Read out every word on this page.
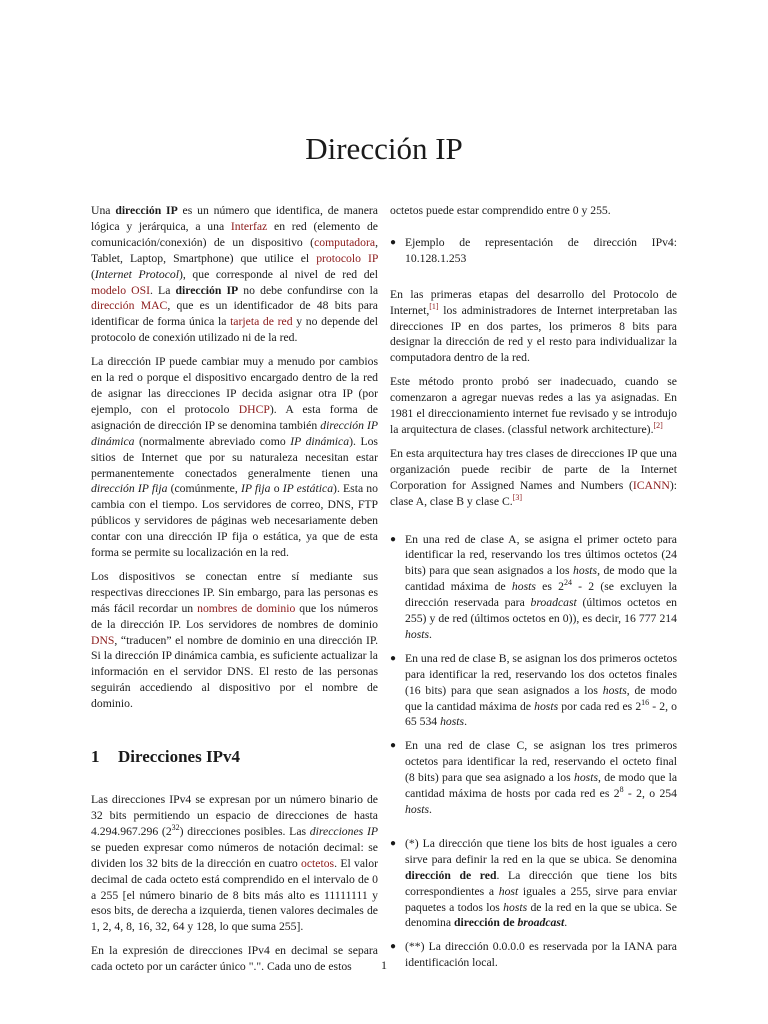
Dirección IP

Una dirección IP es un número que identifica, de manera lógica y jerárquica, a una Interfaz en red (elemento de comunicación/conexión) de un dispositivo (computadora, Tablet, Laptop, Smartphone) que utilice el protocolo IP (Internet Protocol), que corresponde al nivel de red del modelo OSI. La dirección IP no debe confundirse con la dirección MAC, que es un identificador de 48 bits para identificar de forma única la tarjeta de red y no depende del protocolo de conexión utilizado ni de la red.

La dirección IP puede cambiar muy a menudo por cambios en la red o porque el dispositivo encargado dentro de la red de asignar las direcciones IP decida asignar otra IP (por ejemplo, con el protocolo DHCP). A esta forma de asignación de dirección IP se denomina también dirección IP dinámica (normalmente abreviado como IP dinámica). Los sitios de Internet que por su naturaleza necesitan estar permanentemente conectados generalmente tienen una dirección IP fija (comúnmente, IP fija o IP estática). Esta no cambia con el tiempo. Los servidores de correo, DNS, FTP públicos y servidores de páginas web necesariamente deben contar con una dirección IP fija o estática, ya que de esta forma se permite su localización en la red.

Los dispositivos se conectan entre sí mediante sus respectivas direcciones IP. Sin embargo, para las personas es más fácil recordar un nombres de dominio que los números de la dirección IP. Los servidores de nombres de dominio DNS, “traducen” el nombre de dominio en una dirección IP. Si la dirección IP dinámica cambia, es suficiente actualizar la información en el servidor DNS. El resto de las personas seguirán accediendo al dispositivo por el nombre de dominio.

1 Direcciones IPv4

Las direcciones IPv4 se expresan por un número binario de 32 bits permitiendo un espacio de direcciones de hasta 4.294.967.296 $(2^{32})$ direcciones posibles. Las direcciones IP se pueden expresar como números de notación decimal: se dividen los 32 bits de la dirección en cuatro octetos. El valor decimal de cada octeto está comprendido en el intervalo de 0 a 255 [el número binario de 8 bits más alto es 11111111 y esos bits, de derecha a izquierda, tienen valores decimales de 1, 2, 4, 8, 16, 32, 64 y 128, lo que suma 255].

En la expresión de direcciones IPv4 en decimal se separa cada octeto por un carácter único ".". Cada uno de estos

octetos puede estar comprendido entre 0 y 255.

● Ejemplo de representación de dirección IPv4: 10.128.1.253

En las primeras etapas del desarrollo del Protocolo de Internet,[1] los administradores de Internet interpretaban las direcciones IP en dos partes, los primeros 8 bits para designar la dirección de red y el resto para individualizar la computadora dentro de la red.

Este método pronto probó ser inadecuado, cuando se comenzaron a agregar nuevas redes a las ya asignadas. En 1981 el direccionamiento internet fue revisado y se introdujo la arquitectura de clases. (classful network architecture).[2]

En esta arquitectura hay tres clases de direcciones IP que una organización puede recibir de parte de la Internet Corporation for Assigned Names and Numbers (ICANN): clase A, clase B y clase C.[3]

● En una red de clase A, se asigna el primer octeto para identificar la red, reservando los tres últimos octetos (24 bits) para que sean asignados a los hosts, de modo que la cantidad máxima de hosts es $2^{24} - 2$ (se excluyen la dirección reservada para broadcast (últimos octetos en 255) y de red (últimos octetos en 0)), es decir, 16 777 214 hosts.
● En una red de clase B, se asignan los dos primeros octetos para identificar la red, reservando los dos octetos finales (16 bits) para que sean asignados a los hosts, de modo que la cantidad máxima de hosts por cada red es $2^{16} - 2$, o 65 534 hosts.
● En una red de clase C, se asignan los tres primeros octetos para identificar la red, reservando el octeto final (8 bits) para que sea asignado a los hosts, de modo que la cantidad máxima de hosts por cada red es $2^8 - 2$, o 254 hosts.
● (*) La dirección que tiene los bits de host iguales a cero sirve para definir la red en la que se ubica. Se denomina dirección de red. La dirección que tiene los bits correspondientes a host iguales a 255, sirve para enviar paquetes a todos los hosts de la red en la que se ubica. Se denomina dirección de broadcast.
● (**) La dirección 0.0.0.0 es reservada por la IANA para identificación local.
1
